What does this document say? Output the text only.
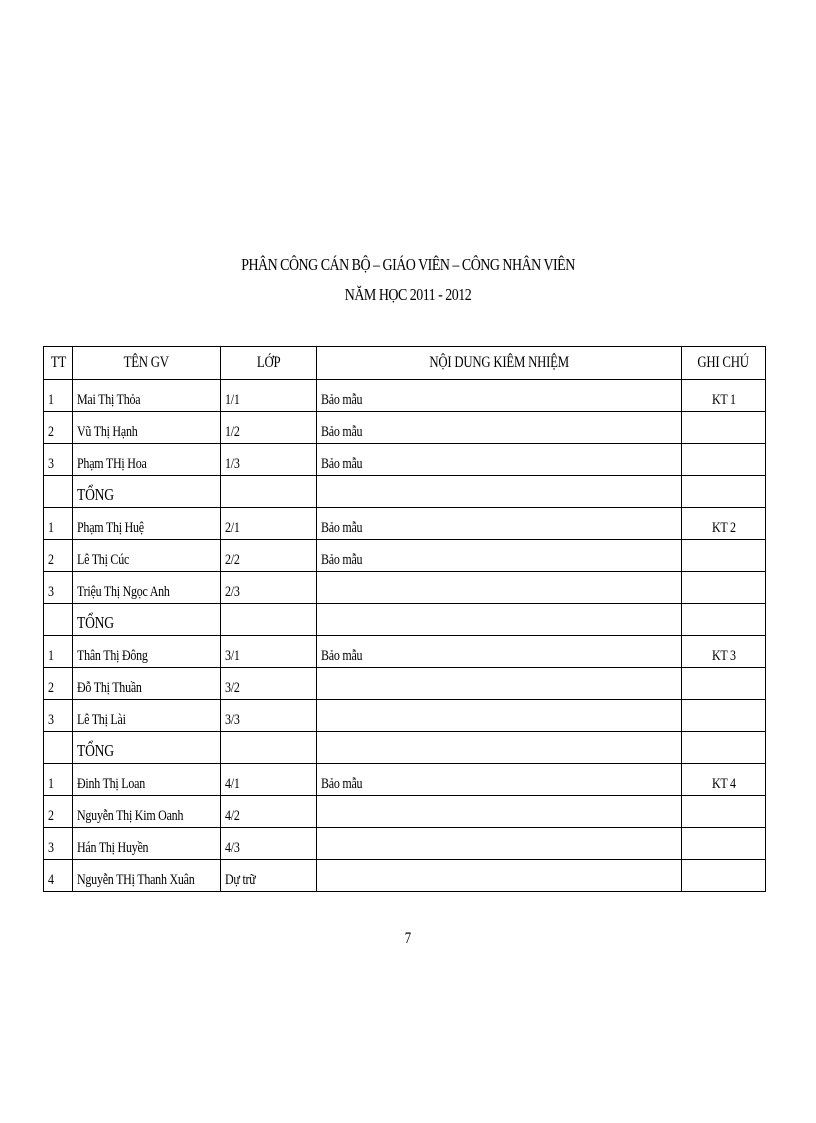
PHÂN CÔNG CÁN BỘ – GIÁO VIÊN – CÔNG NHÂN VIÊN
NĂM HỌC 2011 - 2012
TT	TÊN GV	LỚP	NỘI DUNG KIÊM NHIỆM	GHI CHÚ
1	Mai Thị Thỏa	1/1	Bảo mẫu	KT 1
2	Vũ Thị Hạnh	1/2	Bảo mẫu	
3	Phạm THị Hoa	1/3	Bảo mẫu	
	TỔNG			
1	Phạm Thị Huệ	2/1	Bảo mẫu	KT 2
2	Lê Thị Cúc	2/2	Bảo mẫu	
3	Triệu Thị Ngọc Anh	2/3		
	TỔNG			
1	Thân Thị Đông	3/1	Bảo mẫu	KT 3
2	Đỗ Thị Thuần	3/2		
3	Lê Thị Lài	3/3		
	TỔNG			
1	Đinh Thị Loan	4/1	Bảo mẫu	KT 4
2	Nguyễn Thị Kim Oanh	4/2		
3	Hán Thị Huyền	4/3		
4	Nguyễn THị Thanh Xuân	Dự trữ		
7
